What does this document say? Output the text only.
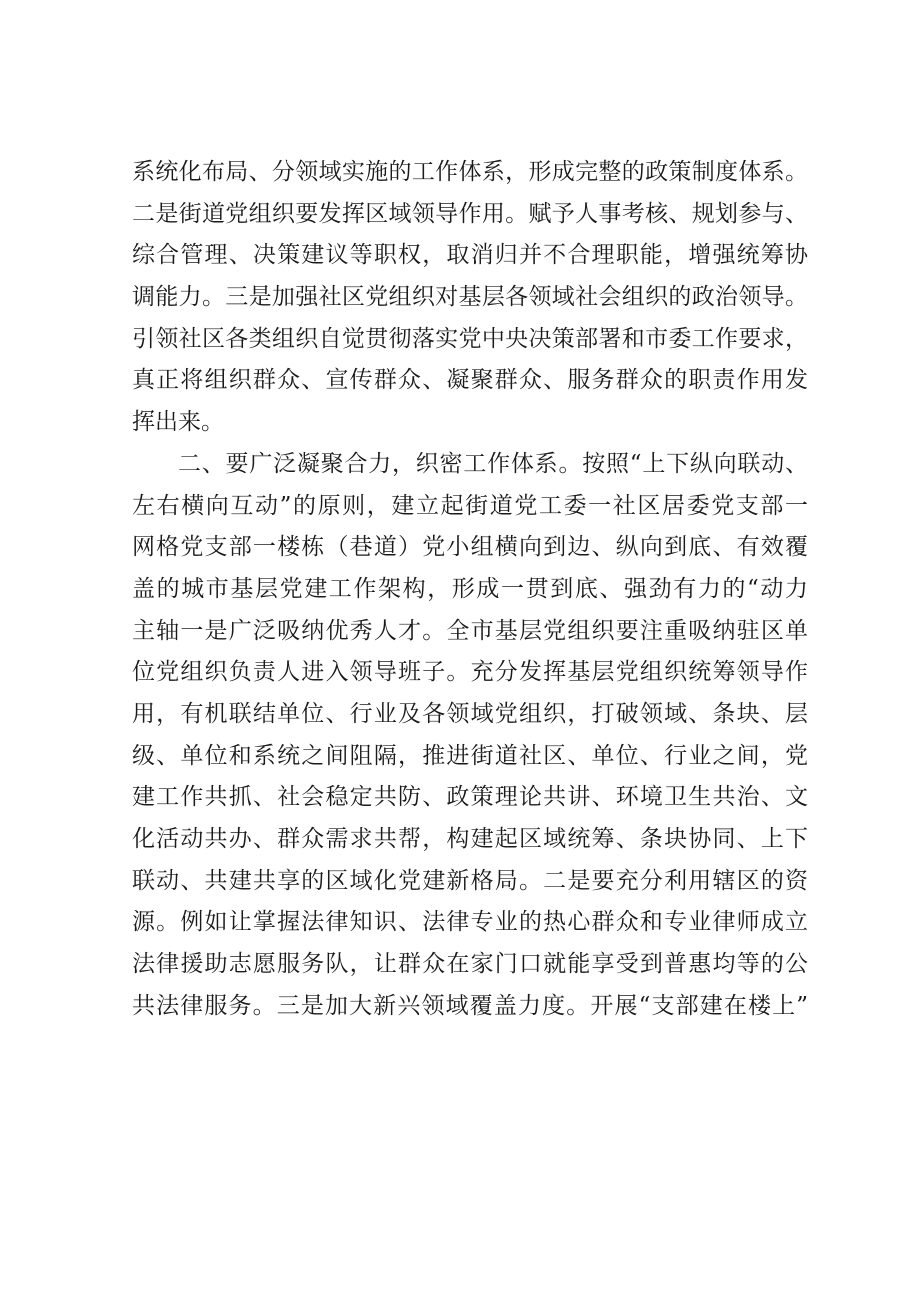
系统化布局、分领域实施的工作体系，形成完整的政策制度体系。
二是街道党组织要发挥区域领导作用。赋予人事考核、规划参与、
综合管理、决策建议等职权，取消归并不合理职能，增强统筹协
调能力。三是加强社区党组织对基层各领域社会组织的政治领导。
引领社区各类组织自觉贯彻落实党中央决策部署和市委工作要求，
真正将组织群众、宣传群众、凝聚群众、服务群众的职责作用发
挥出来。
二、要广泛凝聚合力，织密工作体系。按照“上下纵向联动、
左右横向互动”的原则，建立起街道党工委一社区居委党支部一
网格党支部一楼栋（巷道）党小组横向到边、纵向到底、有效覆
盖的城市基层党建工作架构，形成一贯到底、强劲有力的“动力
主轴一是广泛吸纳优秀人才。全市基层党组织要注重吸纳驻区单
位党组织负责人进入领导班子。充分发挥基层党组织统筹领导作
用，有机联结单位、行业及各领域党组织，打破领域、条块、层
级、单位和系统之间阻隔，推进街道社区、单位、行业之间，党
建工作共抓、社会稳定共防、政策理论共讲、环境卫生共治、文
化活动共办、群众需求共帮，构建起区域统筹、条块协同、上下
联动、共建共享的区域化党建新格局。二是要充分利用辖区的资
源。例如让掌握法律知识、法律专业的热心群众和专业律师成立
法律援助志愿服务队，让群众在家门口就能享受到普惠均等的公
共法律服务。三是加大新兴领域覆盖力度。开展“支部建在楼上”
